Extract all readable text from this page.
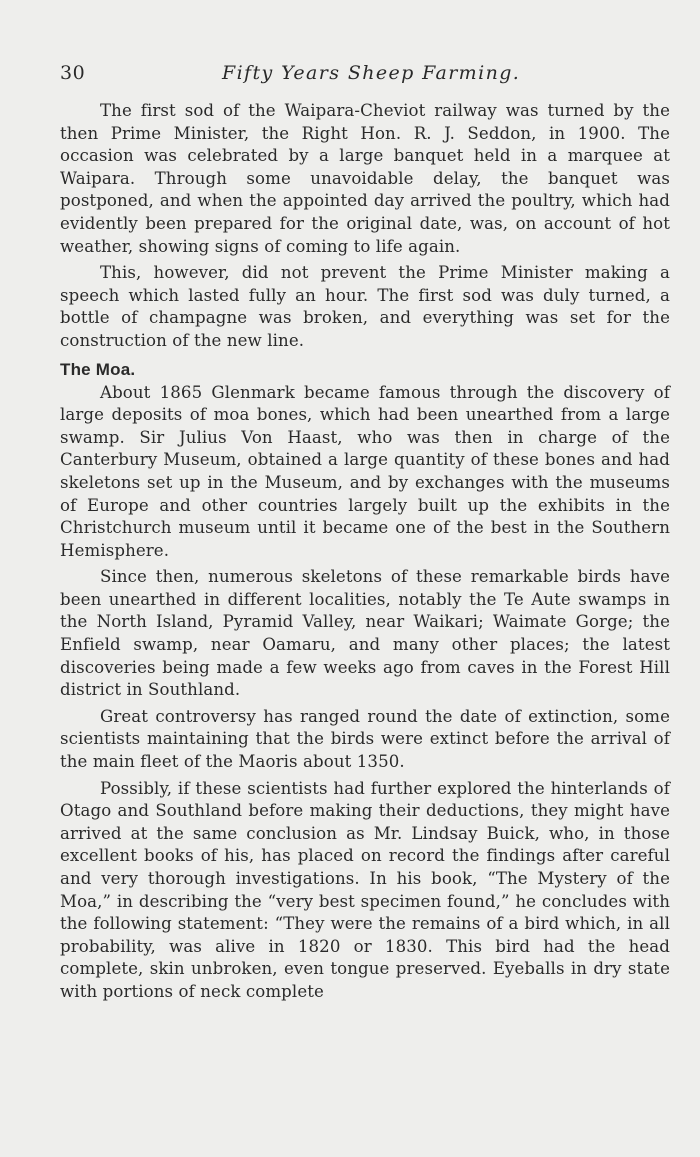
30	Fifty Years Sheep Farming.

The first sod of the Waipara-Cheviot railway was turned by the then Prime Minister, the Right Hon. R. J. Seddon, in 1900. The occasion was celebrated by a large banquet held in a marquee at Waipara. Through some unavoidable delay, the banquet was postponed, and when the appointed day arrived the poultry, which had evidently been prepared for the original date, was, on account of hot weather, showing signs of coming to life again.

This, however, did not prevent the Prime Minister making a speech which lasted fully an hour. The first sod was duly turned, a bottle of champagne was broken, and everything was set for the construction of the new line.

The Moa.

About 1865 Glenmark became famous through the discovery of large deposits of moa bones, which had been unearthed from a large swamp. Sir Julius Von Haast, who was then in charge of the Canterbury Museum, obtained a large quantity of these bones and had skeletons set up in the Museum, and by exchanges with the museums of Europe and other countries largely built up the exhibits in the Christchurch museum until it became one of the best in the Southern Hemisphere.

Since then, numerous skeletons of these remarkable birds have been unearthed in different localities, notably the Te Aute swamps in the North Island, Pyramid Valley, near Waikari; Waimate Gorge; the Enfield swamp, near Oamaru, and many other places; the latest discoveries being made a few weeks ago from caves in the Forest Hill district in Southland.

Great controversy has ranged round the date of extinction, some scientists maintaining that the birds were extinct before the arrival of the main fleet of the Maoris about 1350.

Possibly, if these scientists had further explored the hinterlands of Otago and Southland before making their deductions, they might have arrived at the same conclusion as Mr. Lindsay Buick, who, in those excellent books of his, has placed on record the findings after careful and very thorough investigations. In his book, “The Mystery of the Moa,” in describing the “very best specimen found,” he concludes with the following statement: “They were the remains of a bird which, in all probability, was alive in 1820 or 1830. This bird had the head complete, skin unbroken, even tongue preserved. Eyeballs in dry state with portions of neck complete
